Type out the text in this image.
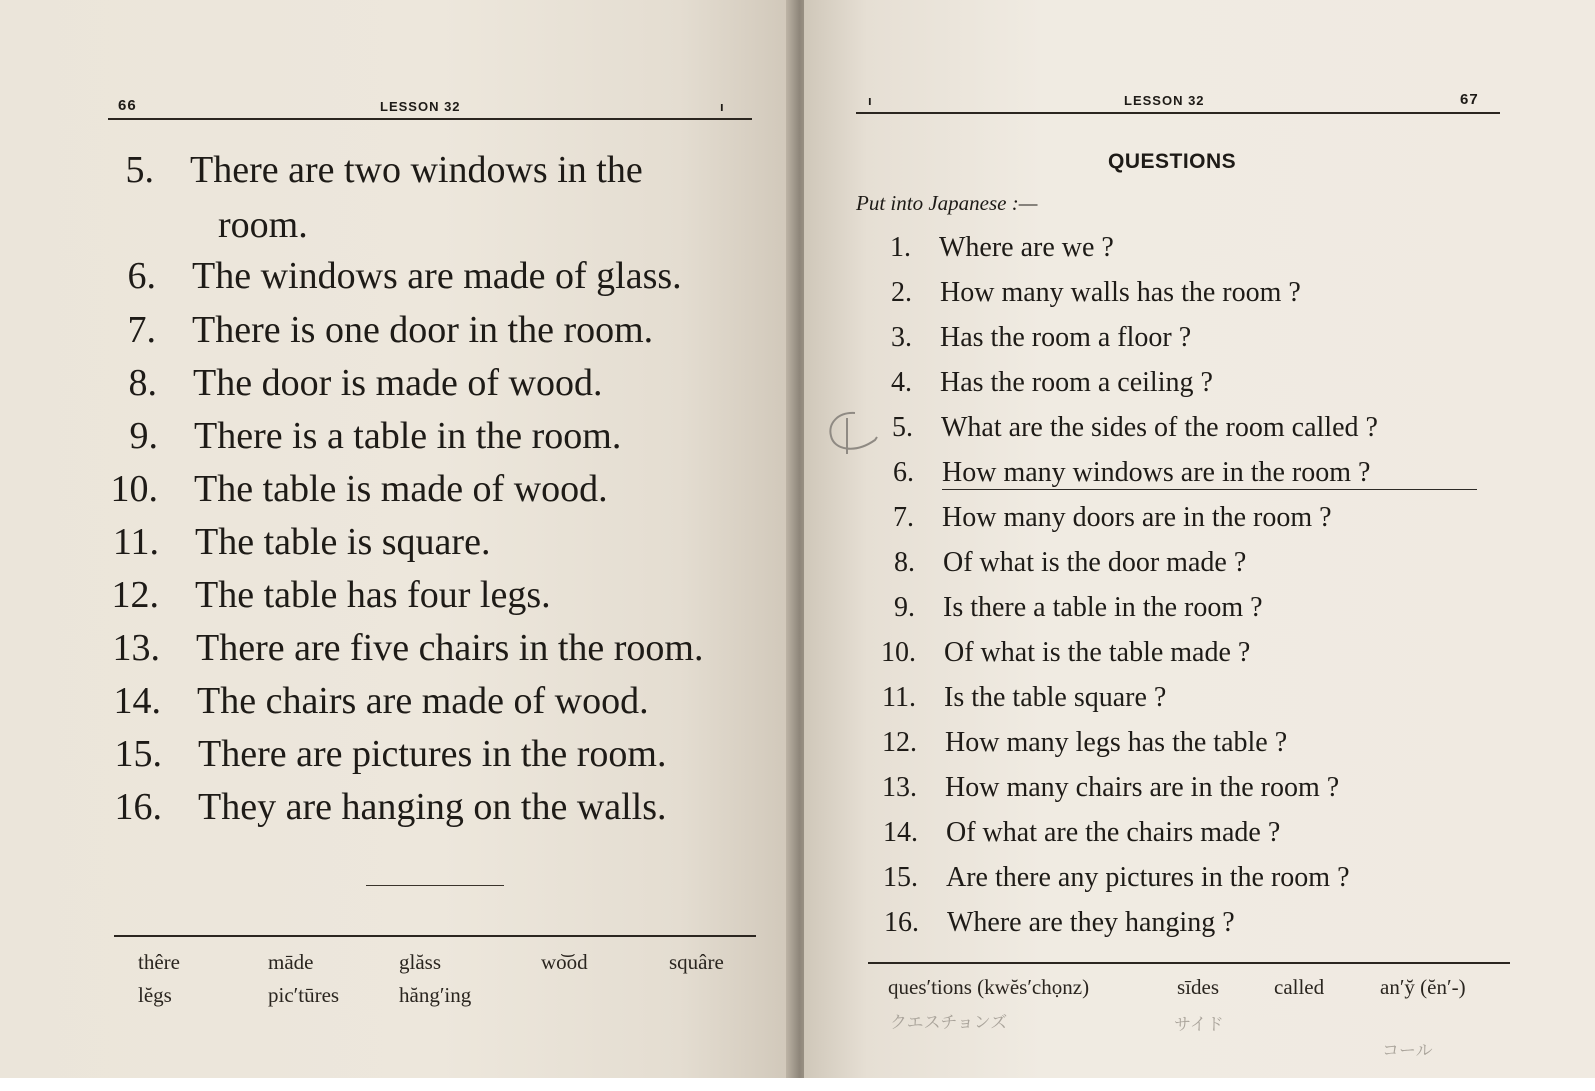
66	LESSON 32	ı
5. There are two windows in the
room.
6. The windows are made of glass.
7. There is one door in the room.
8. The door is made of wood.
9. There is a table in the room.
10. The table is made of wood.
11. The table is square.
12. The table has four legs.
13. There are five chairs in the room.
14. The chairs are made of wood.
15. There are pictures in the room.
16. They are hanging on the walls.
thêre	māde	glăss	wo͝od	squâre
lĕgs	pic′tūres	hăng′ing
ı	LESSON 32	67
QUESTIONS
Put into Japanese :—
1. Where are we ?
2. How many walls has the room ?
3. Has the room a floor ?
4. Has the room a ceiling ?
5. What are the sides of the room called ?
6. How many windows are in the room ?
7. How many doors are in the room ?
8. Of what is the door made ?
9. Is there a table in the room ?
10. Of what is the table made ?
11. Is the table square ?
12. How many legs has the table ?
13. How many chairs are in the room ?
14. Of what are the chairs made ?
15. Are there any pictures in the room ?
16. Where are they hanging ?
ques′tions (kwĕs′chọnz)	sīdes	called	an′y̆ (ĕn′-)
クエスチョンズ	サイド
コール
